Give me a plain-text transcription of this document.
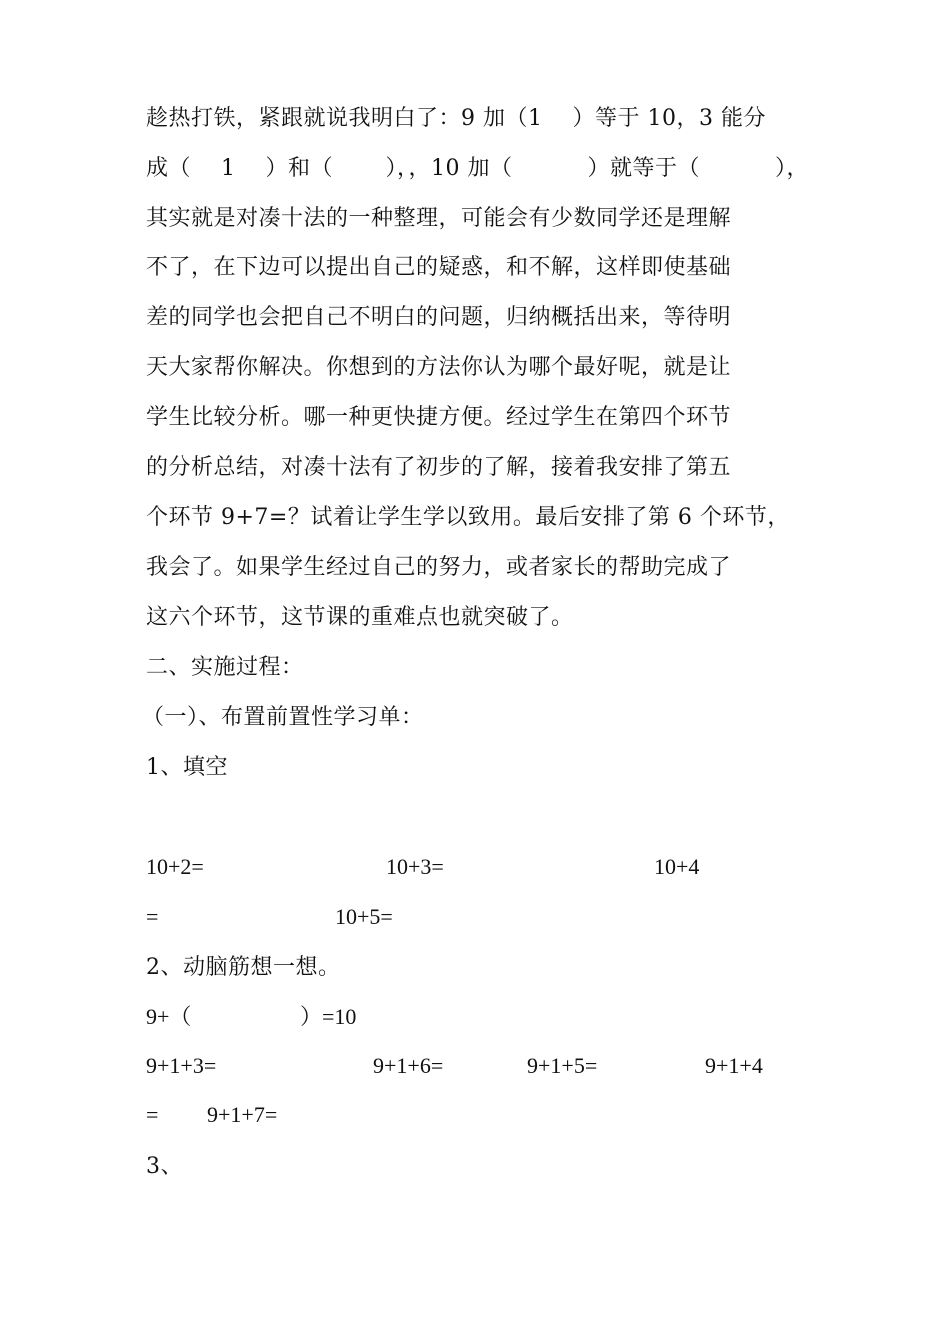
趁热打铁，紧跟就说我明白了：9 加（1　 ）等于 10，3 能分
成（　 1　 ）和（　　 ），，10 加（　　　 ）就等于（　　　 ），
其实就是对凑十法的一种整理，可能会有少数同学还是理解
不了，在下边可以提出自己的疑惑，和不解，这样即使基础
差的同学也会把自己不明白的问题，归纳概括出来，等待明
天大家帮你解决。你想到的方法你认为哪个最好呢，就是让
学生比较分析。哪一种更快捷方便。经过学生在第四个环节
的分析总结，对凑十法有了初步的了解，接着我安排了第五
个环节 9+7=？试着让学生学以致用。最后安排了第 6 个环节，
我会了。如果学生经过自己的努力，或者家长的帮助完成了
这六个环节，这节课的重难点也就突破了。
二、实施过程：
（一）、布置前置性学习单：
1、填空
10+2=	10+3=	10+4
=	10+5=
2、动脑筋想一想。
9+（	）=10
9+1+3=	9+1+6=	9+1+5=	9+1+4
= 9+1+7=
3、
